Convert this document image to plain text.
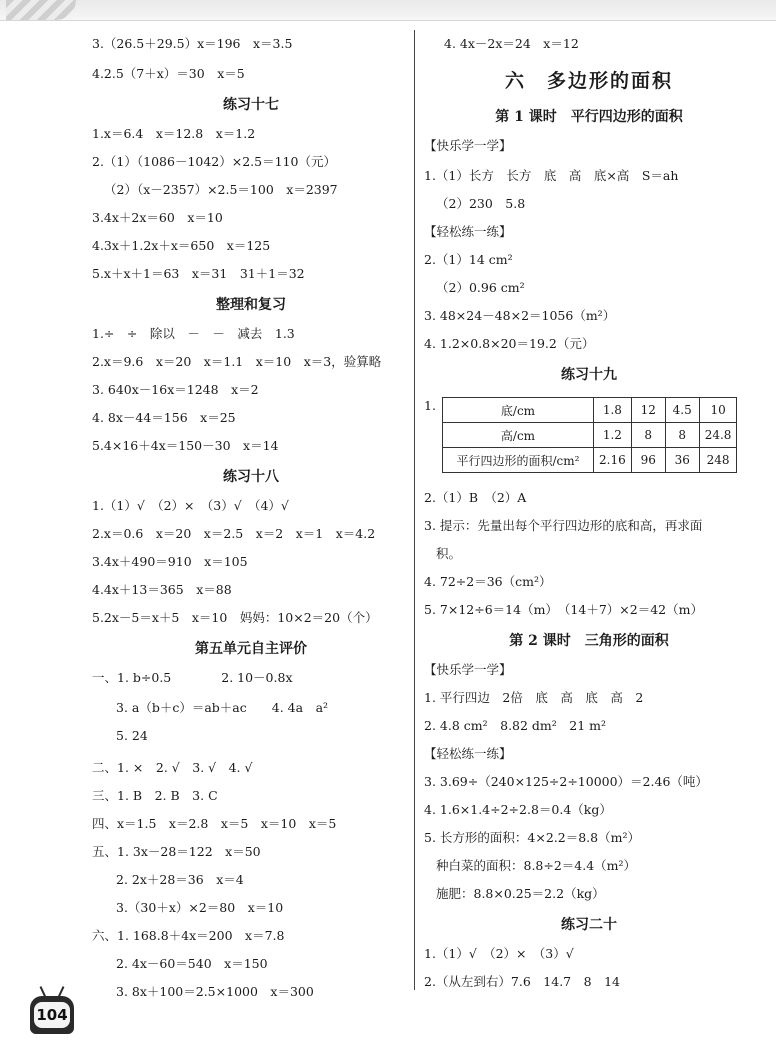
3.（26.5＋29.5）x＝196　x＝3.5
4.2.5（7＋x）＝30　x＝5
练习十七
1.x＝6.4　x＝12.8　x＝1.2
2.（1）（1086－1042）×2.5＝110（元）
（2）（x－2357）×2.5＝100　x＝2397
3.4x＋2x＝60　x＝10
4.3x＋1.2x＋x＝650　x＝125
5.x＋x＋1＝63　x＝31　31＋1＝32
整理和复习
1.÷　÷　除以　－　－　减去　1.3
2.x＝9.6　x＝20　x＝1.1　x＝10　x＝3，验算略
3. 640x－16x＝1248　x＝2
4. 8x－44＝156　x＝25
5.4×16＋4x＝150－30　x＝14
练习十八
1.（1）√　（2）×　（3）√　（4）√
2.x＝0.6　x＝20　x＝2.5　x＝2　x＝1　x＝4.2
3.4x＋490＝910　x＝105
4.4x＋13＝365　x＝88
5.2x－5＝x＋5　x＝10　妈妈：10×2＝20（个）
第五单元自主评价
一、1. b÷0.5　　　　2. 10－0.8x
3. a（b＋c）＝ab＋ac　　4. 4a　a²
5. 24
二、1. ×　2. √　3. √　4. √
三、1. B　2. B　3. C
四、x＝1.5　x＝2.8　x＝5　x＝10　x＝5
五、1. 3x－28＝122　x＝50
2. 2x＋28＝36　x＝4
3.（30＋x）×2＝80　x＝10
六、1. 168.8＋4x＝200　x＝7.8
2. 4x－60＝540　x＝150
3. 8x＋100＝2.5×1000　x＝300
4. 4x－2x＝24　x＝12
六　多边形的面积
第 1 课时　平行四边形的面积
【快乐学一学】
1.（1）长方　长方　底　高　底×高　S＝ah
（2）230　5.8
【轻松练一练】
2.（1）14 cm²
（2）0.96 cm²
3. 48×24－48×2＝1056（m²）
4. 1.2×0.8×20＝19.2（元）
练习十九
1.	底/cm	1.8	12	4.5	10
高/cm	1.2	8	8	24.8
平行四边形的面积/cm²	2.16	96	36	248
2.（1）B　（2）A
3. 提示：先量出每个平行四边形的底和高，再求面
积。
4. 72÷2＝36（cm²）
5. 7×12÷6＝14（m）　（14＋7）×2＝42（m）
第 2 课时　三角形的面积
【快乐学一学】
1. 平行四边　2倍　底　高　底　高　2
2. 4.8 cm²　8.82 dm²　21 m²
【轻松练一练】
3. 3.69÷（240×125÷2÷10000）＝2.46（吨）
4. 1.6×1.4÷2÷2.8＝0.4（kg）
5. 长方形的面积：4×2.2＝8.8（m²）
种白菜的面积：8.8÷2＝4.4（m²）
施肥：8.8×0.25＝2.2（kg）
练习二十
1.（1）√　（2）×　（3）√
2.（从左到右）7.6　14.7　8　14
104
